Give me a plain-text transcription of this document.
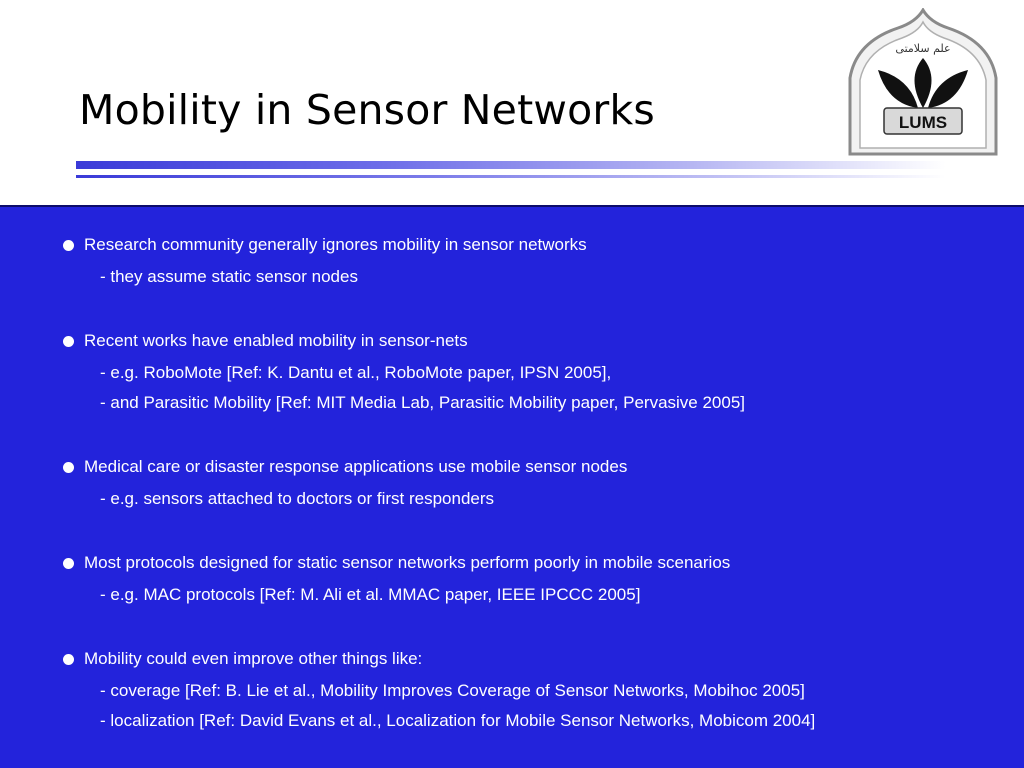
Mobility in Sensor Networks
علم سلامتی
LUMS
Research community generally ignores mobility in sensor networks
- they assume static sensor nodes
Recent works have enabled mobility in sensor-nets
- e.g. RoboMote [Ref: K. Dantu et al., RoboMote paper, IPSN 2005],
- and Parasitic Mobility [Ref: MIT Media Lab, Parasitic Mobility paper, Pervasive 2005]
Medical care or disaster response applications use mobile sensor nodes
- e.g. sensors attached to doctors or first responders
Most protocols designed for static sensor networks perform poorly in mobile scenarios
- e.g. MAC protocols [Ref: M. Ali et al. MMAC paper, IEEE IPCCC 2005]
Mobility could even improve other things like:
- coverage [Ref: B. Lie et al., Mobility Improves Coverage of Sensor Networks, Mobihoc 2005]
- localization [Ref: David Evans et al., Localization for Mobile Sensor Networks, Mobicom 2004]
